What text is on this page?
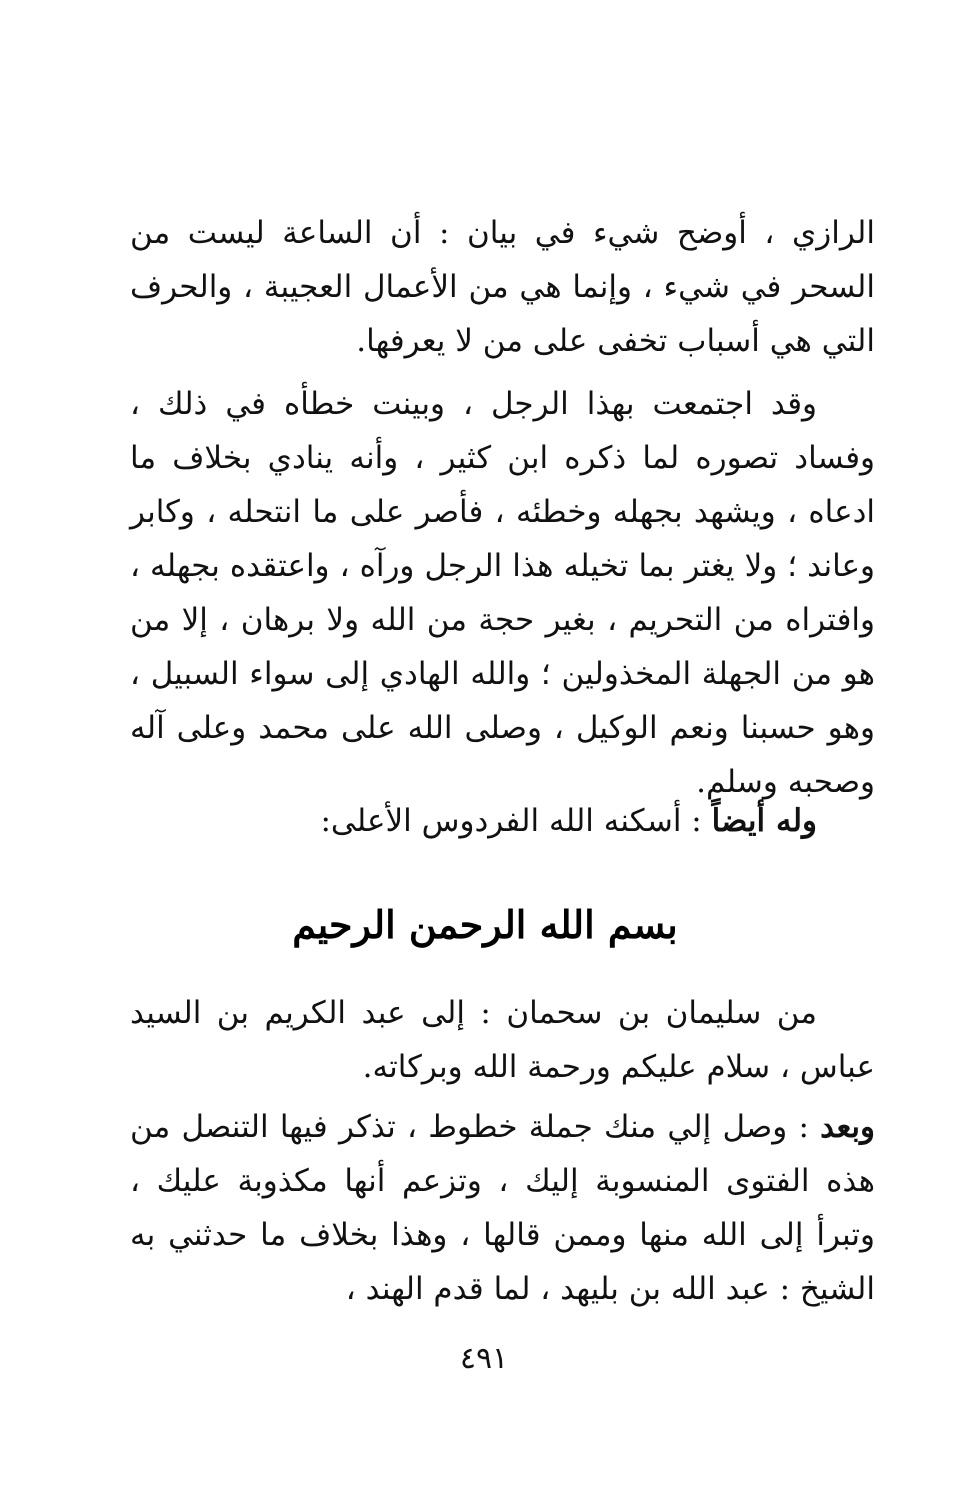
الرازي ، أوضح شيء في بيان : أن الساعة ليست من السحر في شيء ، وإنما هي من الأعمال العجيبة ، والحرف التي هي أسباب تخفى على من لا يعرفها.

وقد اجتمعت بهذا الرجل ، وبينت خطأه في ذلك ، وفساد تصوره لما ذكره ابن كثير ، وأنه ينادي بخلاف ما ادعاه ، ويشهد بجهله وخطئه ، فأصر على ما انتحله ، وكابر وعاند ؛ ولا يغتر بما تخيله هذا الرجل ورآه ، واعتقده بجهله ، وافتراه من التحريم ، بغير حجة من الله ولا برهان ، إلا من هو من الجهلة المخذولين ؛ والله الهادي إلى سواء السبيل ، وهو حسبنا ونعم الوكيل ، وصلى الله على محمد وعلى آله وصحبه وسلم.

وله أيضاً : أسكنه الله الفردوس الأعلى:

بسم الله الرحمن الرحيم

من سليمان بن سحمان : إلى عبد الكريم بن السيد عباس ، سلام عليكم ورحمة الله وبركاته.

وبعد : وصل إلي منك جملة خطوط ، تذكر فيها التنصل من هذه الفتوى المنسوبة إليك ، وتزعم أنها مكذوبة عليك ، وتبرأ إلى الله منها وممن قالها ، وهذا بخلاف ما حدثني به الشيخ : عبد الله بن بليهد ، لما قدم الهند ،

٤٩١
